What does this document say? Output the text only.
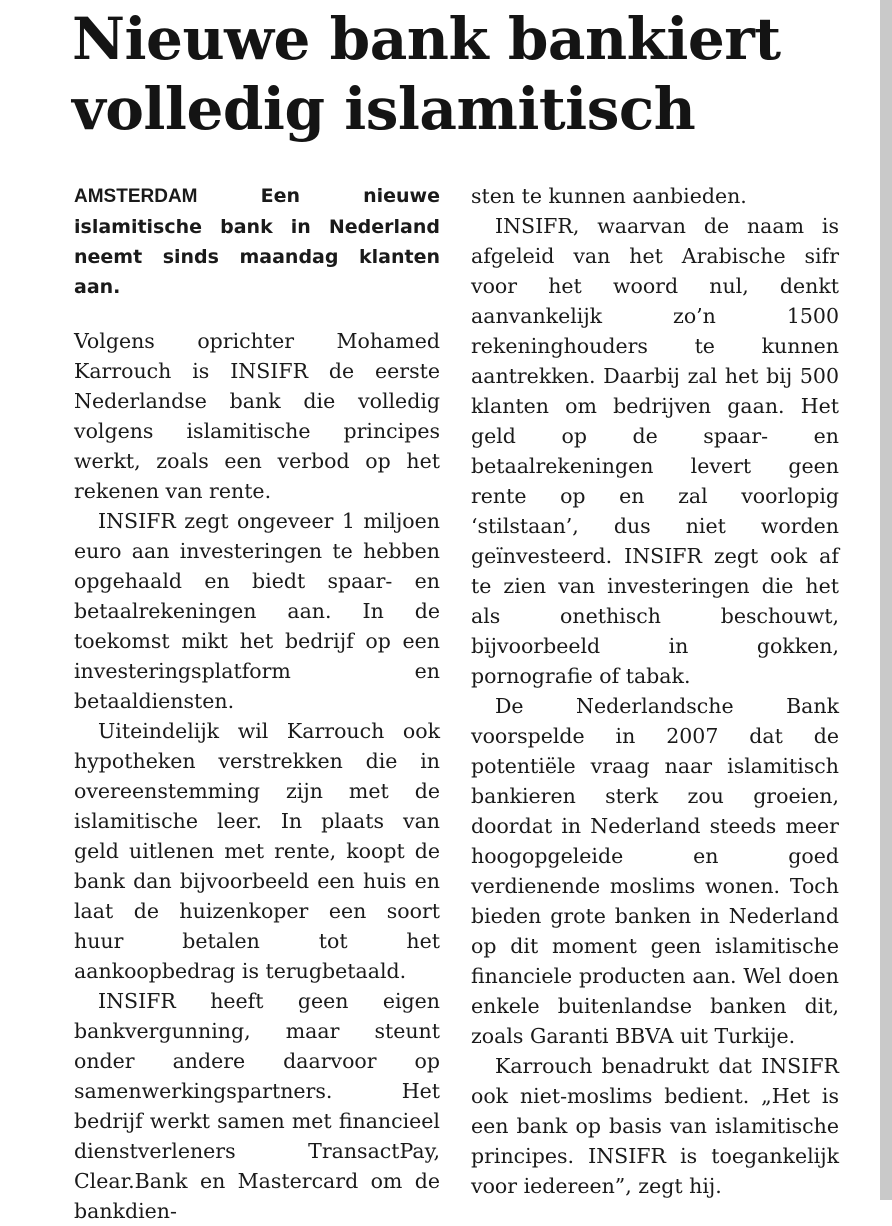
Nieuwe bank bankiert
volledig islamitisch

AMSTERDAM	Een nieuwe islamitische bank in Nederland neemt sinds maandag klanten aan.

Volgens oprichter Mohamed Karrouch is INSIFR de eerste Nederlandse bank die volledig volgens islamitische principes werkt, zoals een verbod op het rekenen van rente.

INSIFR zegt ongeveer 1 miljoen euro aan investeringen te hebben opgehaald en biedt spaar- en betaalrekeningen aan. In de toekomst mikt het bedrijf op een investeringsplatform en betaaldiensten.

Uiteindelijk wil Karrouch ook hypotheken verstrekken die in overeenstemming zijn met de islamitische leer. In plaats van geld uitlenen met rente, koopt de bank dan bijvoorbeeld een huis en laat de huizenkoper een soort huur betalen tot het aankoopbedrag is terugbetaald.

INSIFR heeft geen eigen bankvergunning, maar steunt onder andere daarvoor op samenwerkingspartners. Het bedrijf werkt samen met financieel dienstverleners TransactPay, Clear.Bank en Mastercard om de bankdien-

sten te kunnen aanbieden.

INSIFR, waarvan de naam is afgeleid van het Arabische sifr voor het woord nul, denkt aanvankelijk zo’n 1500 rekeninghouders te kunnen aantrekken. Daarbij zal het bij 500 klanten om bedrijven gaan. Het geld op de spaar- en betaalrekeningen levert geen rente op en zal voorlopig ‘stilstaan’, dus niet worden geïnvesteerd. INSIFR zegt ook af te zien van investeringen die het als onethisch beschouwt, bijvoorbeeld in gokken, pornografie of tabak.

De Nederlandsche Bank voorspelde in 2007 dat de potentiële vraag naar islamitisch bankieren sterk zou groeien, doordat in Nederland steeds meer hoogopgeleide en goed verdienende moslims wonen. Toch bieden grote banken in Nederland op dit moment geen islamitische financiele producten aan. Wel doen enkele buitenlandse banken dit, zoals Garanti BBVA uit Turkije.

Karrouch benadrukt dat INSIFR ook niet-moslims bedient. „Het is een bank op basis van islamitische principes. INSIFR is toegankelijk voor iedereen”, zegt hij.
